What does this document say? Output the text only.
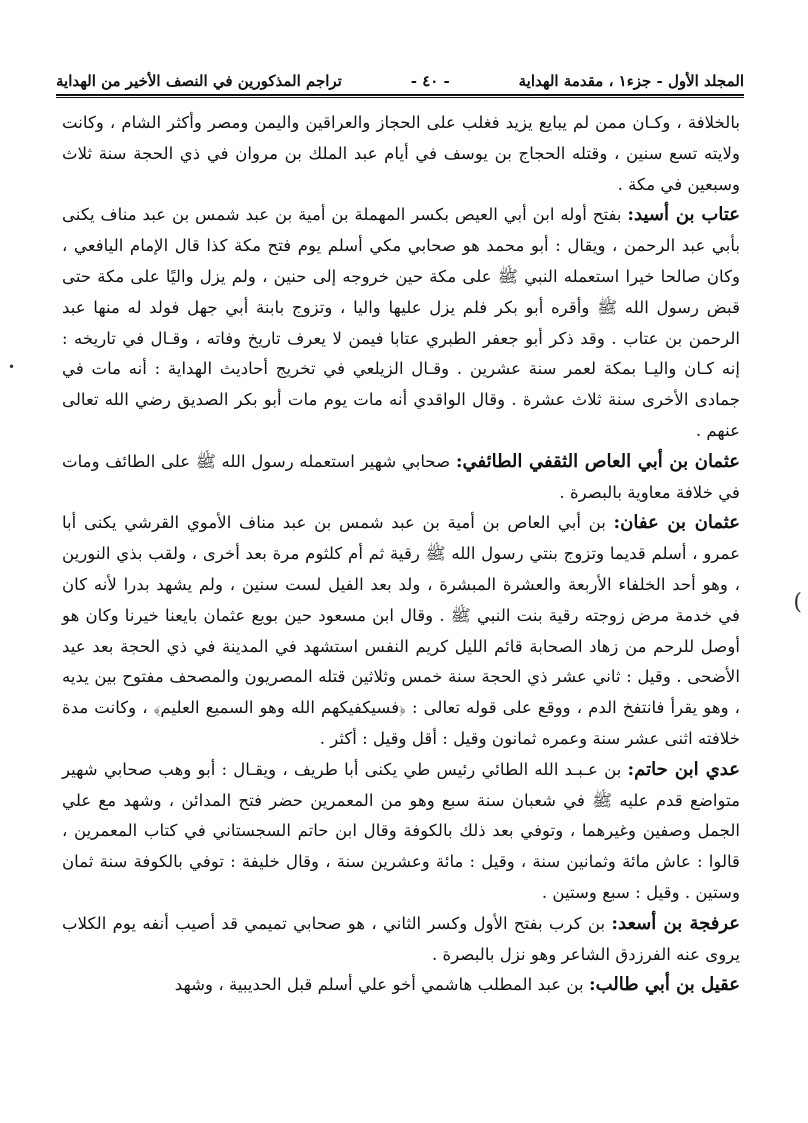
المجلد الأول - جزء١ ، مقدمة الهداية
- ٤٠ -
تراجم المذكورين في النصف الأخير من الهداية

بالخلافة ، وكـان ممن لم يبايع يزيد فغلب على الحجاز والعراقين واليمن ومصر وأكثر الشام ، وكانت ولايته تسع سنين ، وقتله الحجاج بن يوسف في أيام عبد الملك بن مروان في ذي الحجة سنة ثلاث وسبعين في مكة .

عتاب بن أسيد: بفتح أوله ابن أبي العيص بكسر المهملة بن أمية بن عبد شمس بن عبد مناف يكنى بأبي عبد الرحمن ، ويقال : أبو محمد هو صحابي مكي أسلم يوم فتح مكة كذا قال الإمام اليافعي ، وكان صالحا خيرا استعمله النبي ﷺ على مكة حين خروجه إلى حنين ، ولم يزل واليًا على مكة حتى قبض رسول الله ﷺ وأقره أبو بكر فلم يزل عليها واليا ، وتزوج بابنة أبي جهل فولد له منها عبد الرحمن بن عتاب . وقد ذكر أبو جعفر الطبري عتابا فيمن لا يعرف تاريخ وفاته ، وقـال في تاريخه : إنه كـان واليـا بمكة لعمر سنة عشرين . وقـال الزيلعي في تخريج أحاديث الهداية : أنه مات في جمادى الأخرى سنة ثلاث عشرة . وقال الواقدي أنه مات يوم مات أبو بكر الصديق رضي الله تعالى عنهم .

عثمان بن أبي العاص الثقفي الطائفي: صحابي شهير استعمله رسول الله ﷺ على الطائف ومات في خلافة معاوية بالبصرة .

عثمان بن عفان: بن أبي العاص بن أمية بن عبد شمس بن عبد مناف الأموي القرشي يكنى أبا عمرو ، أسلم قديما وتزوج بنتي رسول الله ﷺ رقية ثم أم كلثوم مرة بعد أخرى ، ولقب بذي النورين ، وهو أحد الخلفاء الأربعة والعشرة المبشرة ، ولد بعد الفيل لست سنين ، ولم يشهد بدرا لأنه كان في خدمة مرض زوجته رقية بنت النبي ﷺ . وقال ابن مسعود حين بويع عثمان بايعنا خيرنا وكان هو أوصل للرحم من زهاد الصحابة قائم الليل كريم النفس استشهد في المدينة في ذي الحجة بعد عيد الأضحى . وقيل : ثاني عشر ذي الحجة سنة خمس وثلاثين قتله المصريون والمصحف مفتوح بين يديه ، وهو يقرأ فانتفخ الدم ، ووقع على قوله تعالى : ﴿فسيكفيكهم الله وهو السميع العليم﴾ ، وكانت مدة خلافته اثنى عشر سنة وعمره ثمانون وقيل : أقل وقيل : أكثر .

عدي ابن حاتم: بن عـبـد الله الطائي رئيس طي يكنى أبا طريف ، ويقـال : أبو وهب صحابي شهير متواضع قدم عليه ﷺ في شعبان سنة سبع وهو من المعمرين حضر فتح المدائن ، وشهد مع علي الجمل وصفين وغيرهما ، وتوفي بعد ذلك بالكوفة وقال ابن حاتم السجستاني في كتاب المعمرين ، قالوا : عاش مائة وثمانين سنة ، وقيل : مائة وعشرين سنة ، وقال خليفة : توفي بالكوفة سنة ثمان وستين . وقيل : سبع وستين .

عرفجة بن أسعد: بن كرب بفتح الأول وكسر الثاني ، هو صحابي تميمي قد أصيب أنفه يوم الكلاب يروى عنه الفرزدق الشاعر وهو نزل بالبصرة .

عقيل بن أبي طالب: بن عبد المطلب هاشمي أخو علي أسلم قبل الحديبية ، وشهد

•
(
